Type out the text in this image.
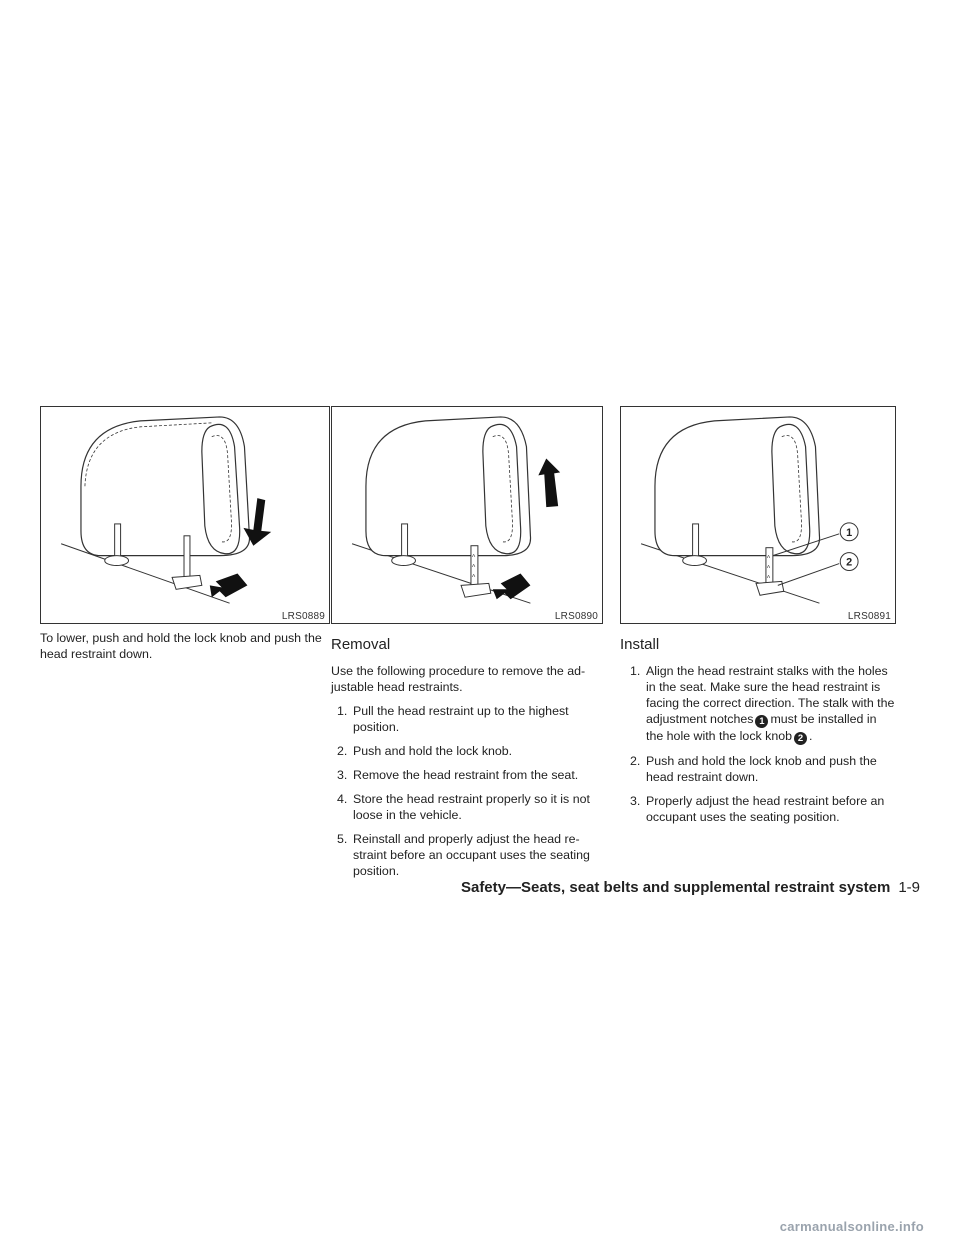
LRS0889
To lower, push and hold the lock knob and push the head restraint down.
^
^
^
LRS0890
Removal

Use the following procedure to remove the ad-justable head restraints.

1. Pull the head restraint up to the highest position.
2. Push and hold the lock knob.
3. Remove the head restraint from the seat.
4. Store the head restraint properly so it is not loose in the vehicle.
5. Reinstall and properly adjust the head re-straint before an occupant uses the seating position.
^
^
^
1
2
LRS0891
Install
1. Align the head restraint stalks with the holes in the seat. Make sure the head restraint is facing the correct direction. The stalk with the adjustment notches 1 must be installed in the hole with the lock knob 2 .
2. Push and hold the lock knob and push the head restraint down.
3. Properly adjust the head restraint before an occupant uses the seating position.
Safety—Seats, seat belts and supplemental restraint system 1-9
carmanualsonline.info
